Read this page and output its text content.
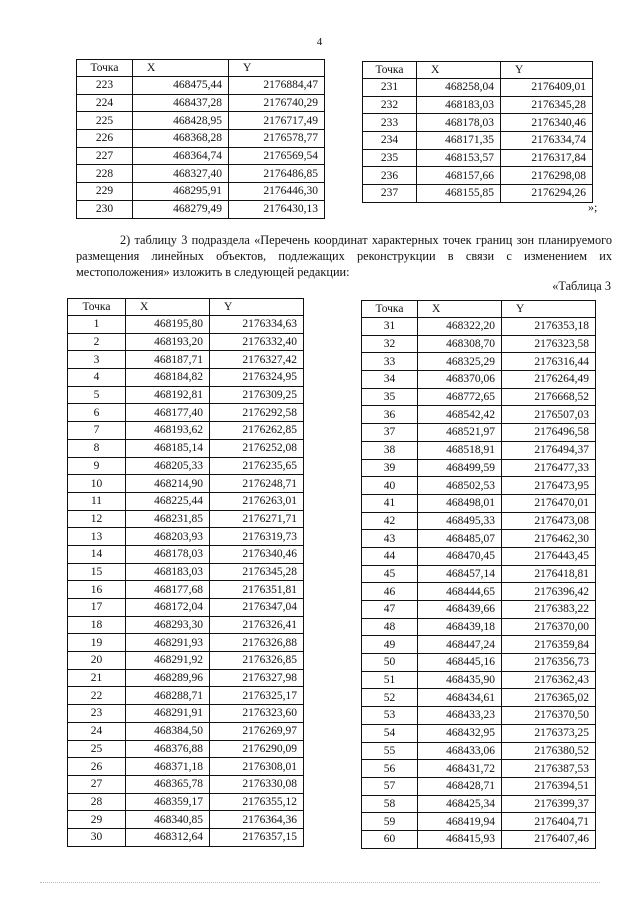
4
Точка	X	Y
223	468475,44	2176884,47
224	468437,28	2176740,29
225	468428,95	2176717,49
226	468368,28	2176578,77
227	468364,74	2176569,54
228	468327,40	2176486,85
229	468295,91	2176446,30
230	468279,49	2176430,13
Точка	X	Y
231	468258,04	2176409,01
232	468183,03	2176345,28
233	468178,03	2176340,46
234	468171,35	2176334,74
235	468153,57	2176317,84
236	468157,66	2176298,08
237	468155,85	2176294,26
»;
2) таблицу 3 подраздела «Перечень координат характерных точек границ зон планируемого
размещения линейных объектов, подлежащих реконструкции в связи с изменением их
местоположения» изложить в следующей редакции:
«Таблица 3
Точка	X	Y
1	468195,80	2176334,63
2	468193,20	2176332,40
3	468187,71	2176327,42
4	468184,82	2176324,95
5	468192,81	2176309,25
6	468177,40	2176292,58
7	468193,62	2176262,85
8	468185,14	2176252,08
9	468205,33	2176235,65
10	468214,90	2176248,71
11	468225,44	2176263,01
12	468231,85	2176271,71
13	468203,93	2176319,73
14	468178,03	2176340,46
15	468183,03	2176345,28
16	468177,68	2176351,81
17	468172,04	2176347,04
18	468293,30	2176326,41
19	468291,93	2176326,88
20	468291,92	2176326,85
21	468289,96	2176327,98
22	468288,71	2176325,17
23	468291,91	2176323,60
24	468384,50	2176269,97
25	468376,88	2176290,09
26	468371,18	2176308,01
27	468365,78	2176330,08
28	468359,17	2176355,12
29	468340,85	2176364,36
30	468312,64	2176357,15
Точка	X	Y
31	468322,20	2176353,18
32	468308,70	2176323,58
33	468325,29	2176316,44
34	468370,06	2176264,49
35	468772,65	2176668,52
36	468542,42	2176507,03
37	468521,97	2176496,58
38	468518,91	2176494,37
39	468499,59	2176477,33
40	468502,53	2176473,95
41	468498,01	2176470,01
42	468495,33	2176473,08
43	468485,07	2176462,30
44	468470,45	2176443,45
45	468457,14	2176418,81
46	468444,65	2176396,42
47	468439,66	2176383,22
48	468439,18	2176370,00
49	468447,24	2176359,84
50	468445,16	2176356,73
51	468435,90	2176362,43
52	468434,61	2176365,02
53	468433,23	2176370,50
54	468432,95	2176373,25
55	468433,06	2176380,52
56	468431,72	2176387,53
57	468428,71	2176394,51
58	468425,34	2176399,37
59	468419,94	2176404,71
60	468415,93	2176407,46
